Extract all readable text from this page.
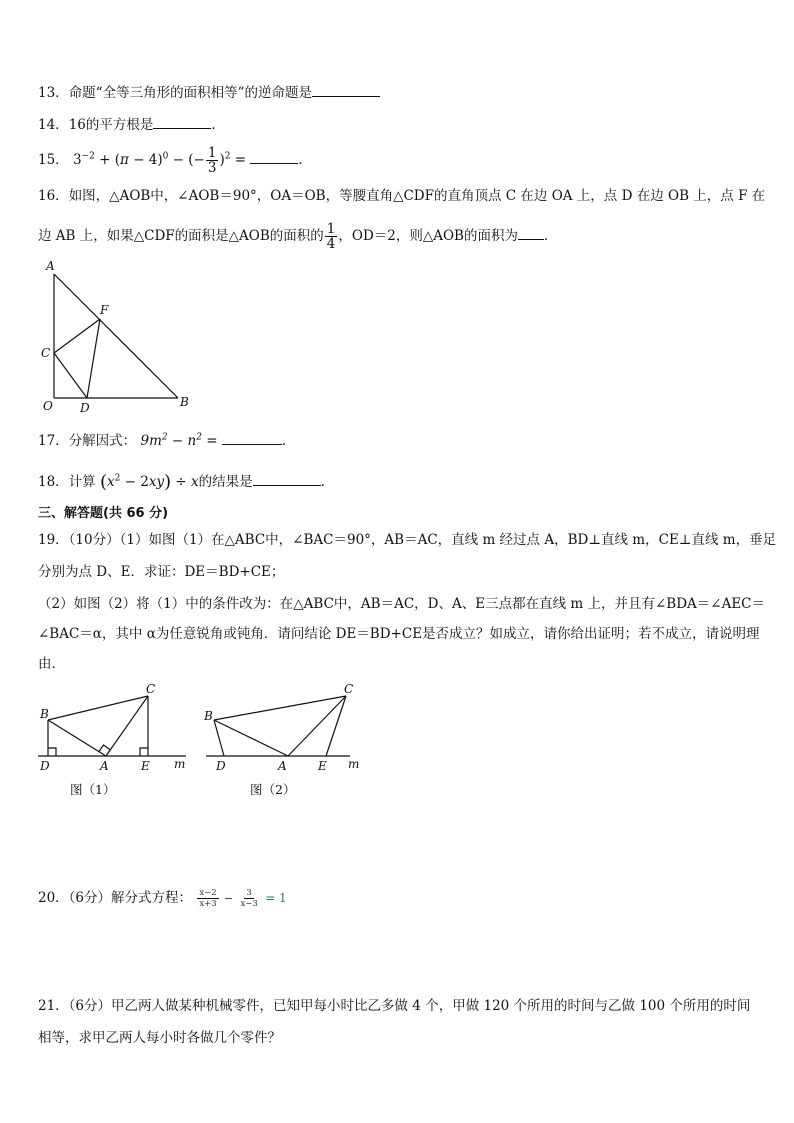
13．命题“全等三角形的面积相等”的逆命题是
14．16的平方根是	．
15． $3^{-2} + (\pi - 4)^0$ − (− $\frac{1}{3} )^2$ =	．
16．如图，△AOB中，∠AOB＝90°，OA＝OB，等腰直角△CDF的直角顶点 C 在边 OA 上，点 D 在边 OB 上，点 F 在
边 AB 上，如果△CDF的面积是△AOB的面积的 $\frac{1}{4}$ ，OD＝2，则△AOB的面积为 ．
A
F
C
O D	B
17．分解因式： $9m^2 - n^2$ =	．
18．计算 $(x^2 - 2xy) \div x$的结果是	.
三、解答题(共 66 分)
19．（10分）（1）如图（1）在△ABC中，∠BAC＝90°，AB＝AC，直线 m 经过点 A，BD⊥直线 m，CE⊥直线 m，垂足
分别为点 D、E．求证：DE＝BD+CE；
（2）如图（2）将（1）中的条件改为：在△ABC中，AB＝AC，D、A、E三点都在直线 m 上，并且有∠BDA＝∠AEC＝
∠BAC＝α，其中 α为任意锐角或钝角．请问结论 DE＝BD+CE是否成立？如成立，请你给出证明；若不成立，请说明理
由．
B
C
D	A	E m
图（1）
B
C
D	A	E m
图（2）
20．（6分）解分式方程： $\frac{x-2}{x+3} - \frac{3}{x-3} = 1$
21．（6分）甲乙两人做某种机械零件，已知甲每小时比乙多做 4 个，甲做 120 个所用的时间与乙做 100 个所用的时间
相等，求甲乙两人每小时各做几个零件？
